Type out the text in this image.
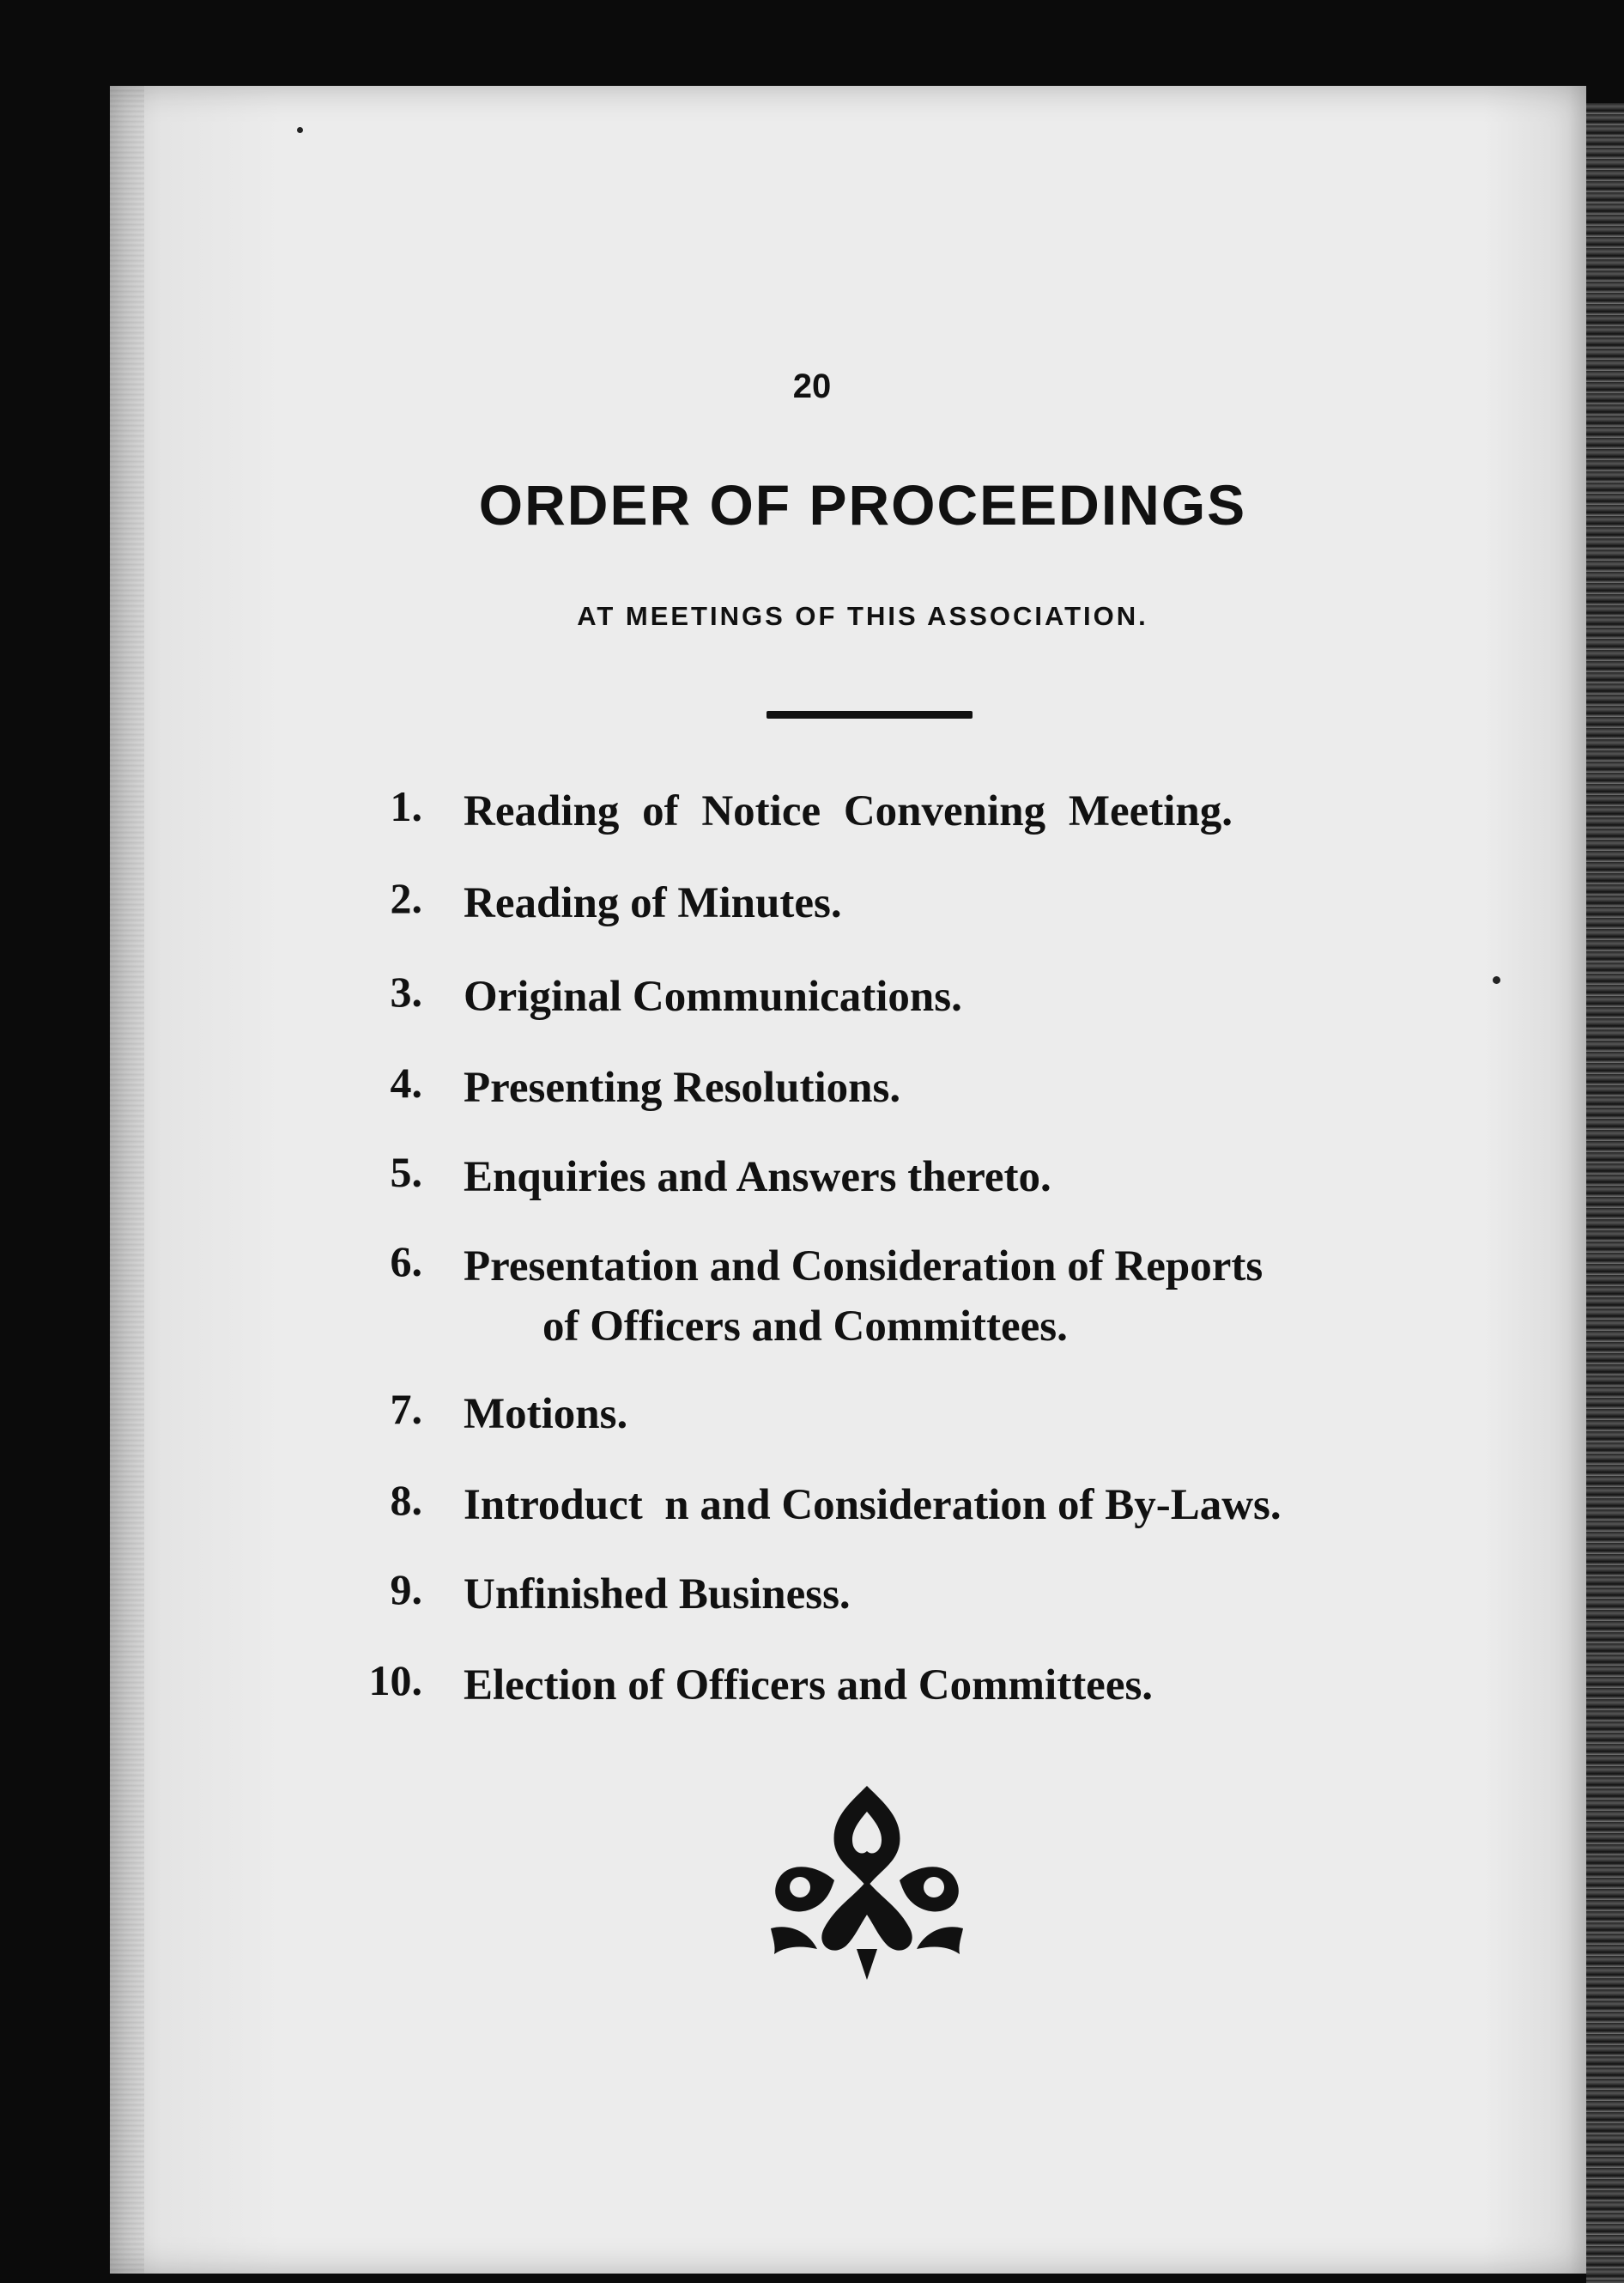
20
ORDER OF PROCEEDINGS
AT MEETINGS OF THIS ASSOCIATION.
1. Reading of Notice Convening Meeting.
2. Reading of Minutes.
3. Original Communications.
4. Presenting Resolutions.
5. Enquiries and Answers thereto.
6. Presentation and Consideration of Reports
of Officers and Committees.
7. Motions.
8. Introduct  n and Consideration of By-Laws.
9. Unfinished Business.
10. Election of Officers and Committees.
